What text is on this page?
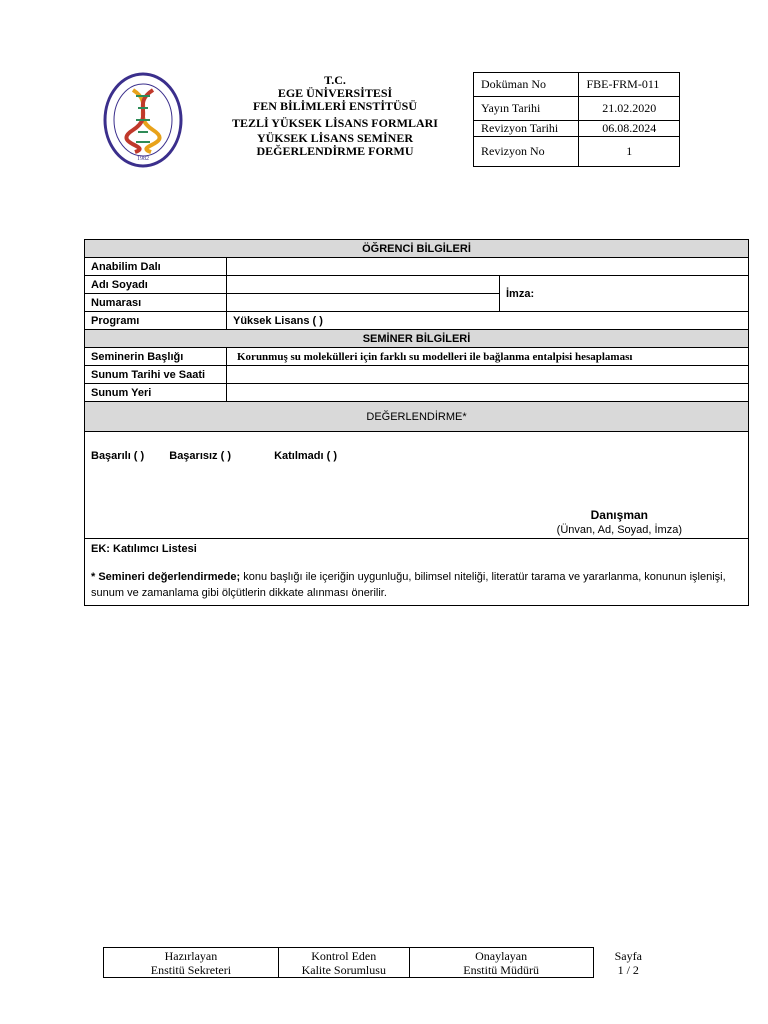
1982
T.C.
EGE ÜNİVERSİTESİ
FEN BİLİMLERİ ENSTİTÜSÜ
TEZLİ YÜKSEK LİSANS FORMLARI
YÜKSEK LİSANS SEMİNER
DEĞERLENDİRME FORMU
Doküman No	FBE-FRM-011
Yayın Tarihi	21.02.2020
Revizyon Tarihi	06.08.2024
Revizyon No	1
ÖĞRENCİ BİLGİLERİ		
Anabilim Dalı		
Adı Soyadı		İmza:
Numarası		
Programı	Yüksek Lisans ( )	
SEMİNER BİLGİLERİ		
Seminerin Başlığı	Korunmuş su molekülleri için farklı su modelleri ile bağlanma entalpisi hesaplaması	
Sunum Tarihi ve Saati		
Sunum Yeri		
DEĞERLENDİRME*		

Başarılı ( ) Başarısız ( ) Katılmadı ( )
Danışman
(Ünvan, Ad, Soyad, İmza)		

EK: Katılımcı Listesi
* Semineri değerlendirmede; konu başlığı ile içeriğin uygunluğu, bilimsel niteliği, literatür tarama ve yararlanma, konunun işlenişi, sunum ve zamanlama gibi ölçütlerin dikkate alınması önerilir.		
Hazırlayan
Enstitü Sekreteri

Kontrol Eden
Kalite Sorumlusu

Onaylayan
Enstitü Müdürü

Sayfa
1 / 2
